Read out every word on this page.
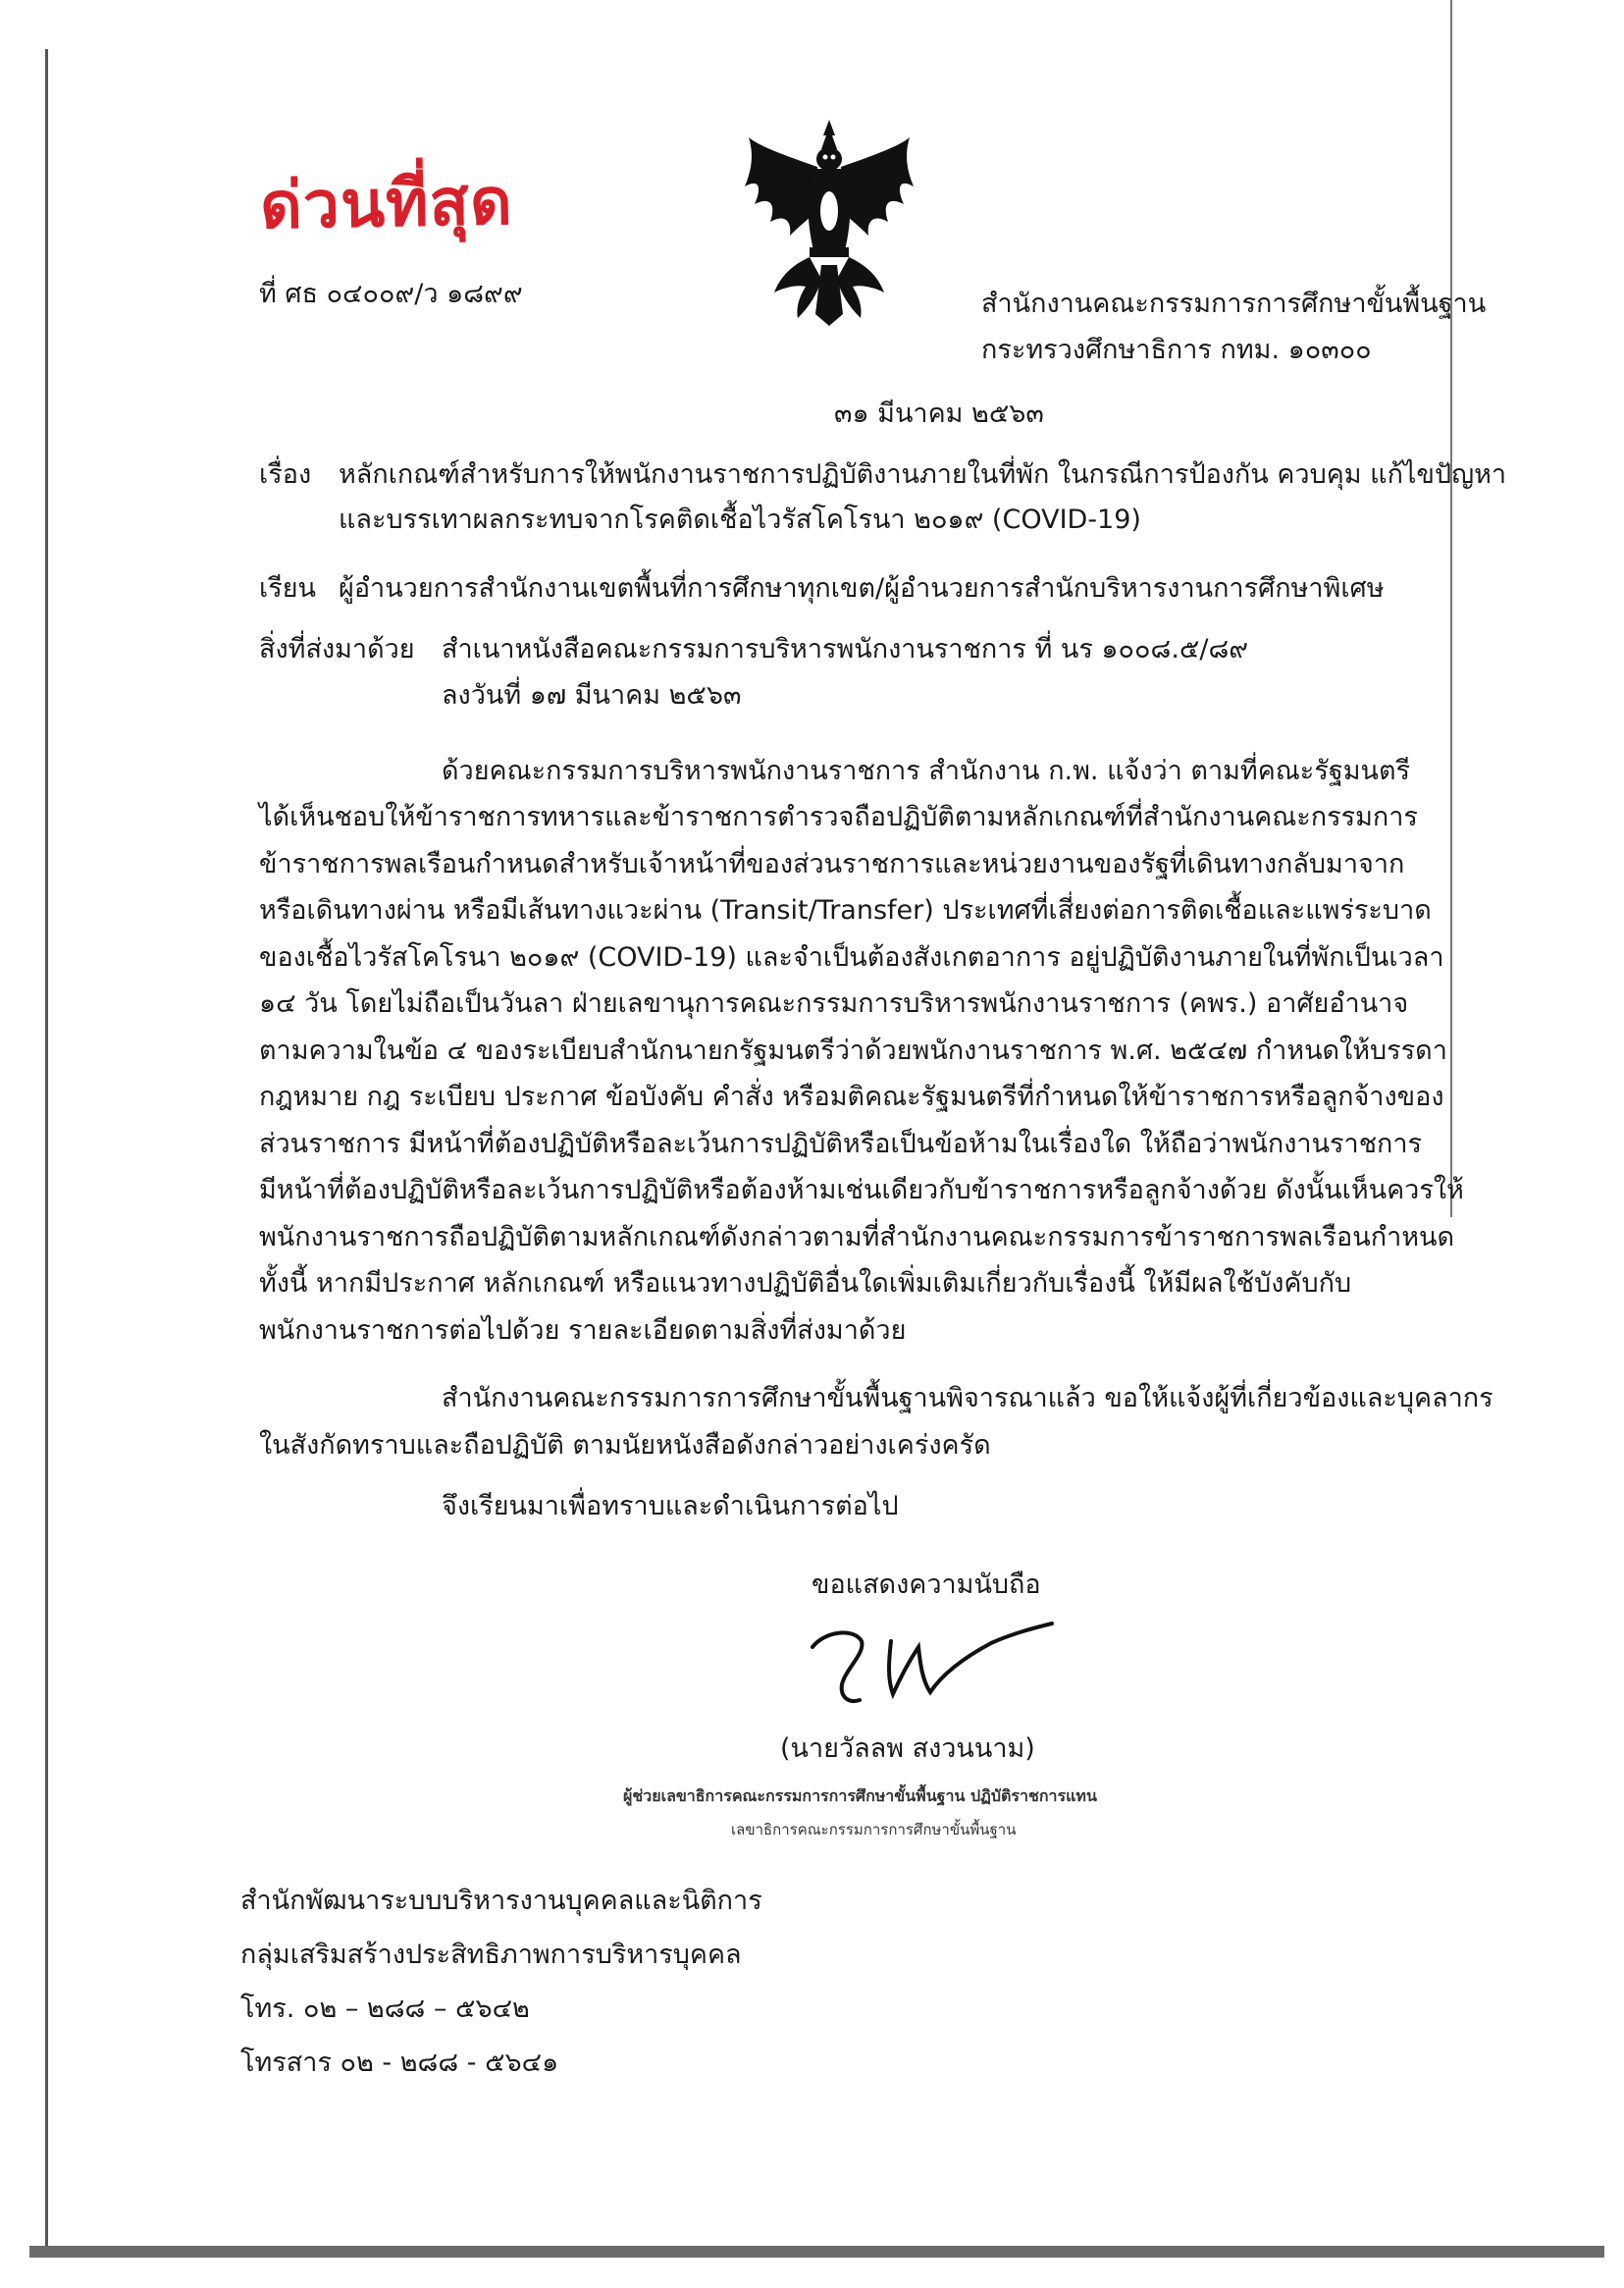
ด่วนที่สุด
ที่ ศธ ๐๔๐๐๙/ว ๑๘๙๙	สำนักงานคณะกรรมการการศึกษาขั้นพื้นฐาน
กระทรวงศึกษาธิการ กทม. ๑๐๓๐๐
๓๑ มีนาคม ๒๕๖๓
เรื่อง หลักเกณฑ์สำหรับการให้พนักงานราชการปฏิบัติงานภายในที่พัก ในกรณีการป้องกัน ควบคุม แก้ไขปัญหา
และบรรเทาผลกระทบจากโรคติดเชื้อไวรัสโคโรนา ๒๐๑๙ (COVID-19)
เรียน ผู้อำนวยการสำนักงานเขตพื้นที่การศึกษาทุกเขต/ผู้อำนวยการสำนักบริหารงานการศึกษาพิเศษ
สิ่งที่ส่งมาด้วย สำเนาหนังสือคณะกรรมการบริหารพนักงานราชการ ที่ นร ๑๐๐๘.๕/๘๙
ลงวันที่ ๑๗ มีนาคม ๒๕๖๓
ด้วยคณะกรรมการบริหารพนักงานราชการ สำนักงาน ก.พ. แจ้งว่า ตามที่คณะรัฐมนตรี
ได้เห็นชอบให้ข้าราชการทหารและข้าราชการตำรวจถือปฏิบัติตามหลักเกณฑ์ที่สำนักงานคณะกรรมการ
ข้าราชการพลเรือนกำหนดสำหรับเจ้าหน้าที่ของส่วนราชการและหน่วยงานของรัฐที่เดินทางกลับมาจาก
หรือเดินทางผ่าน หรือมีเส้นทางแวะผ่าน (Transit/Transfer) ประเทศที่เสี่ยงต่อการติดเชื้อและแพร่ระบาด
ของเชื้อไวรัสโคโรนา ๒๐๑๙ (COVID-19) และจำเป็นต้องสังเกตอาการ อยู่ปฏิบัติงานภายในที่พักเป็นเวลา
๑๔ วัน โดยไม่ถือเป็นวันลา ฝ่ายเลขานุการคณะกรรมการบริหารพนักงานราชการ (คพร.) อาศัยอำนาจ
ตามความในข้อ ๔ ของระเบียบสำนักนายกรัฐมนตรีว่าด้วยพนักงานราชการ พ.ศ. ๒๕๔๗ กำหนดให้บรรดา
กฎหมาย กฎ ระเบียบ ประกาศ ข้อบังคับ คำสั่ง หรือมติคณะรัฐมนตรีที่กำหนดให้ข้าราชการหรือลูกจ้างของ
ส่วนราชการ มีหน้าที่ต้องปฏิบัติหรือละเว้นการปฏิบัติหรือเป็นข้อห้ามในเรื่องใด ให้ถือว่าพนักงานราชการ
มีหน้าที่ต้องปฏิบัติหรือละเว้นการปฏิบัติหรือต้องห้ามเช่นเดียวกับข้าราชการหรือลูกจ้างด้วย ดังนั้นเห็นควรให้
พนักงานราชการถือปฏิบัติตามหลักเกณฑ์ดังกล่าวตามที่สำนักงานคณะกรรมการข้าราชการพลเรือนกำหนด
ทั้งนี้ หากมีประกาศ หลักเกณฑ์ หรือแนวทางปฏิบัติอื่นใดเพิ่มเติมเกี่ยวกับเรื่องนี้ ให้มีผลใช้บังคับกับ
พนักงานราชการต่อไปด้วย รายละเอียดตามสิ่งที่ส่งมาด้วย
สำนักงานคณะกรรมการการศึกษาขั้นพื้นฐานพิจารณาแล้ว ขอให้แจ้งผู้ที่เกี่ยวข้องและบุคลากร
ในสังกัดทราบและถือปฏิบัติ ตามนัยหนังสือดังกล่าวอย่างเคร่งครัด
จึงเรียนมาเพื่อทราบและดำเนินการต่อไป
ขอแสดงความนับถือ
(นายวัลลพ สงวนนาม)
ผู้ช่วยเลขาธิการคณะกรรมการการศึกษาขั้นพื้นฐาน ปฏิบัติราชการแทน
เลขาธิการคณะกรรมการการศึกษาขั้นพื้นฐาน
สำนักพัฒนาระบบบริหารงานบุคคลและนิติการ
กลุ่มเสริมสร้างประสิทธิภาพการบริหารบุคคล
โทร. ๐๒ – ๒๘๘ – ๕๖๔๒
โทรสาร ๐๒ - ๒๘๘ - ๕๖๔๑
